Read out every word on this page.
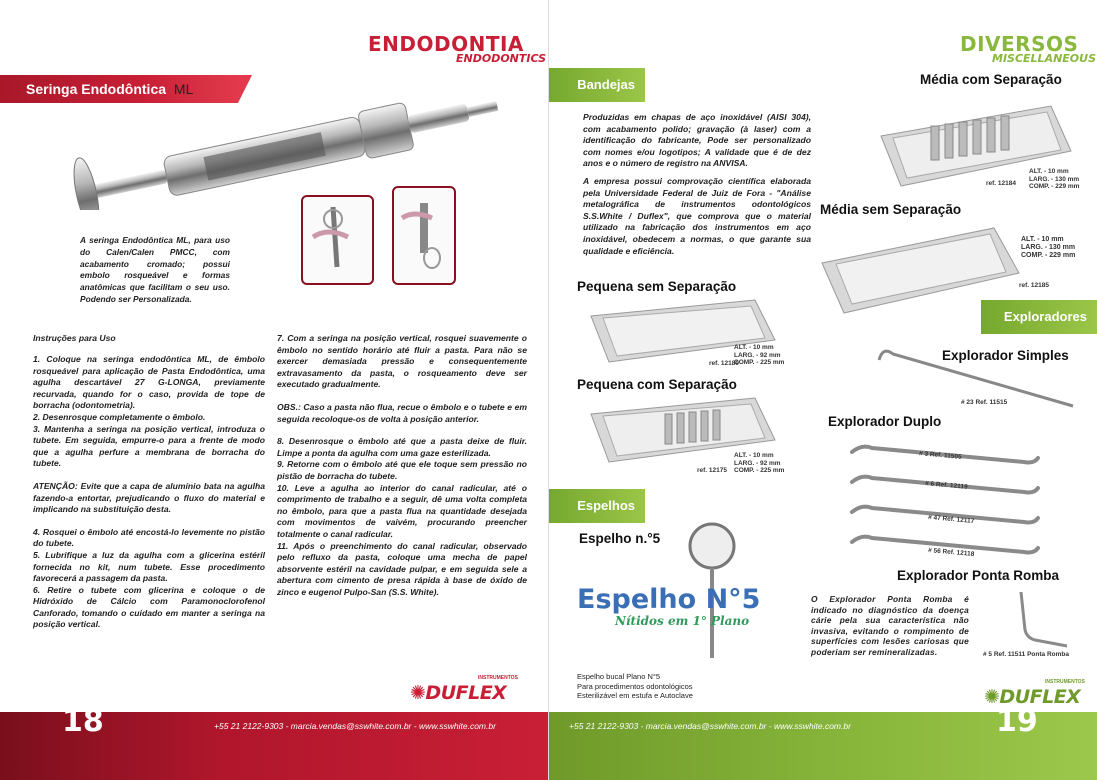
ENDODONTIA
ENDODONTICS
Seringa Endodôntica ML
A seringa Endodôntica ML, para uso do Calen/Calen PMCC, com acabamento cromado; possui embolo rosqueável e formas anatômicas que facilitam o seu uso. Podendo ser Personalizada.
Instruções para Uso

1. Coloque na seringa endodôntica ML, de êmbolo rosqueável para aplicação de Pasta Endodôntica, uma agulha descartável 27 G-LONGA, previamente recurvada, quando for o caso, provida de tope de borracha (odontometria).

2. Desenrosque completamente o êmbolo.

3. Mantenha a seringa na posição vertical, introduza o tubete. Em seguida, empurre-o para a frente de modo que a agulha perfure a membrana de borracha do tubete.

ATENÇÃO: Evite que a capa de alumínio bata na agulha fazendo-a entortar, prejudicando o fluxo do material e implicando na substituição desta.

4. Rosquei o êmbolo até encostá-lo levemente no pistão do tubete.

5. Lubrifique a luz da agulha com a glicerina estéril fornecida no kit, num tubete. Esse procedimento favorecerá a passagem da pasta.

6. Retire o tubete com glicerina e coloque o de Hidróxido de Cálcio com Paramonoclorofenol Canforado, tomando o cuidado em manter a seringa na posição vertical.

7. Com a seringa na posição vertical, rosquei suavemente o êmbolo no sentido horário até fluir a pasta. Para não se exercer demasiada pressão e consequentemente extravasamento da pasta, o rosqueamento deve ser executado gradualmente.

OBS.: Caso a pasta não flua, recue o êmbolo e o tubete e em seguida recoloque-os de volta à posição anterior.

8. Desenrosque o êmbolo até que a pasta deixe de fluir. Limpe a ponta da agulha com uma gaze esterilizada.

9. Retorne com o êmbolo até que ele toque sem pressão no pistão de borracha do tubete.

10. Leve a agulha ao interior do canal radicular, até o comprimento de trabalho e a seguir, dê uma volta completa no êmbolo, para que a pasta flua na quantidade desejada com movimentos de vaivém, procurando preencher totalmente o canal radicular.

11. Após o preenchimento do canal radicular, observado pelo refluxo da pasta, coloque uma mecha de papel absorvente estéril na cavidade pulpar, e em seguida sele a abertura com cimento de presa rápida à base de óxido de zinco e eugenol Pulpo-San (S.S. White).

INSTRUMENTOS
✺DUFLEX
DIVERSOS
MISCELLANEOUS
Bandejas

Produzidas em chapas de aço inoxidável (AISI 304), com acabamento polido; gravação (à laser) com a identificação do fabricante, Pode ser personalizado com nomes e/ou logotipos; A validade que é de dez anos e o número de registro na ANVISA.

A empresa possui comprovação científica elaborada pela Universidade Federal de Juiz de Fora - "Análise metalográfica de instrumentos odontológicos S.S.White / Duflex", que comprova que o material utilizado na fabricação dos instrumentos em aço inoxidável, obedecem a normas, o que garante sua qualidade e eficiência.

Média com Separação
ALT. - 10 mm
LARG. - 130 mm
COMP. - 229 mm
ref. 12184
Média sem Separação
ALT. - 10 mm
LARG. - 130 mm
COMP. - 229 mm
ref. 12185
Pequena sem Separação
ALT. - 10 mm
LARG. - 92 mm
COMP. - 225 mm
ref. 12180
Pequena com Separação
ALT. - 10 mm
LARG. - 92 mm
COMP. - 225 mm
ref. 12175
Espelhos
Espelho n.°5
Espelho N°5
Nítidos em 1° Plano
Espelho bucal Plano N°5
Para procedimentos odontológicos
Esterilizável em estufa e Autoclave
Exploradores
Explorador Simples
# 23 Ref. 11515
Explorador Duplo
# 3 Ref. 11505
# 6 Ref. 12119
# 47 Ref. 12117
# 56 Ref. 12118
Explorador Ponta Romba
O Explorador Ponta Romba é indicado no diagnóstico da doença cárie pela sua característica não invasiva, evitando o rompimento de superfícies com lesões cariosas que poderiam ser remineralizadas.	# 5 Ref. 11511 Ponta Romba
INSTRUMENTOS
✺DUFLEX
18	+55 21 2122-9303 - marcia.vendas@sswhite.com.br - www.sswhite.com.br	+55 21 2122-9303 - marcia.vendas@sswhite.com.br - www.sswhite.com.br	19
